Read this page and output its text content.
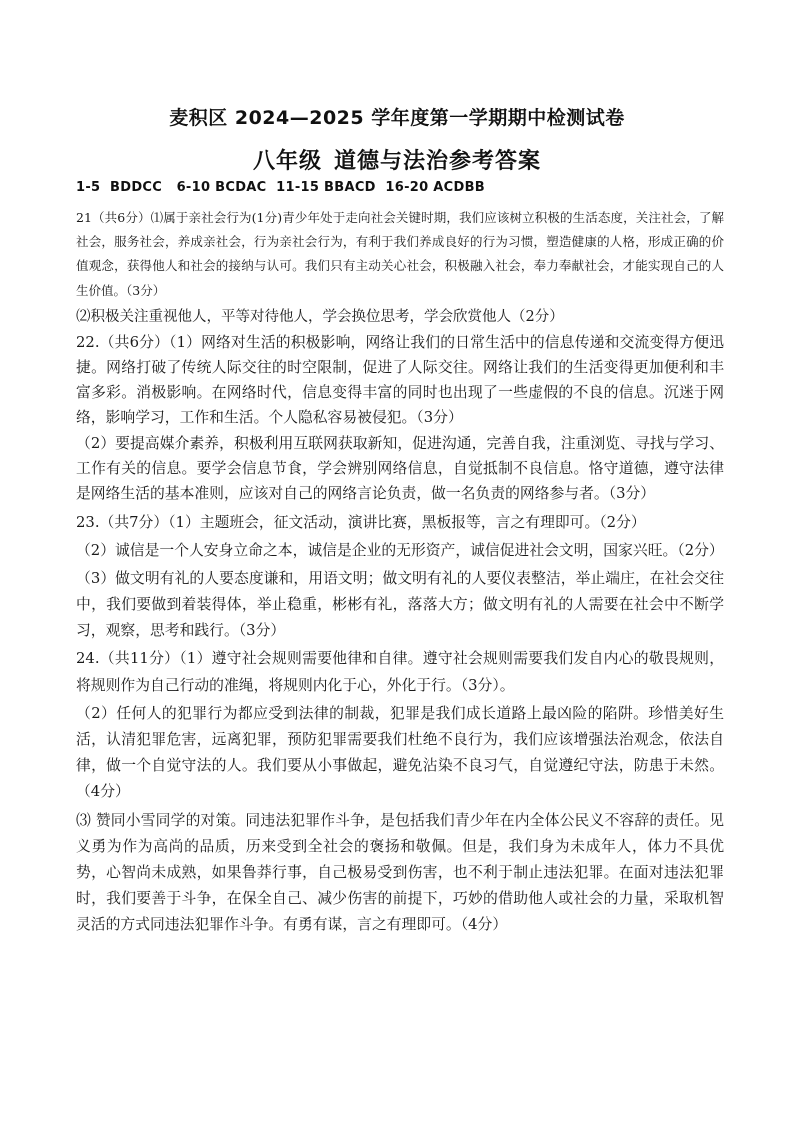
麦积区 2024—2025 学年度第一学期期中检测试卷
八年级 道德与法治参考答案
1-5  BDDCC   6-10 BCDAC  11-15 BBACD  16-20 ACDBB

21（共6分）⑴属于亲社会行为(1分)青少年处于走向社会关键时期，我们应该树立积极的生活态度，关注社会，了解社会，服务社会，养成亲社会，行为亲社会行为，有利于我们养成良好的行为习惯，塑造健康的人格，形成正确的价值观念，获得他人和社会的接纳与认可。我们只有主动关心社会，积极融入社会，奉力奉献社会，才能实现自己的人生价值。（3分）

⑵积极关注重视他人，平等对待他人，学会换位思考，学会欣赏他人（2分）

22.（共6分）（1）网络对生活的积极影响，网络让我们的日常生活中的信息传递和交流变得方便迅捷。网络打破了传统人际交往的时空限制，促进了人际交往。网络让我们的生活变得更加便利和丰富多彩。消极影响。在网络时代，信息变得丰富的同时也出现了一些虚假的不良的信息。沉迷于网络，影响学习，工作和生活。个人隐私容易被侵犯。（3分）

（2）要提高媒介素养，积极利用互联网获取新知，促进沟通，完善自我，注重浏览、寻找与学习、工作有关的信息。要学会信息节食，学会辨别网络信息，自觉抵制不良信息。恪守道德，遵守法律是网络生活的基本准则，应该对自己的网络言论负责，做一名负责的网络参与者。（3分）

23.（共7分）（1）主题班会，征文活动，演讲比赛，黑板报等，言之有理即可。（2分）

（2）诚信是一个人安身立命之本，诚信是企业的无形资产，诚信促进社会文明，国家兴旺。（2分）

（3）做文明有礼的人要态度谦和，用语文明；做文明有礼的人要仪表整洁，举止端庄，在社会交往中，我们要做到着装得体，举止稳重，彬彬有礼，落落大方；做文明有礼的人需要在社会中不断学习，观察，思考和践行。（3分）

24.（共11分）（1）遵守社会规则需要他律和自律。遵守社会规则需要我们发自内心的敬畏规则，将规则作为自己行动的准绳，将规则内化于心，外化于行。（3分）。

（2）任何人的犯罪行为都应受到法律的制裁，犯罪是我们成长道路上最凶险的陷阱。珍惜美好生活，认清犯罪危害，远离犯罪，预防犯罪需要我们杜绝不良行为，我们应该增强法治观念，依法自律，做一个自觉守法的人。我们要从小事做起，避免沾染不良习气，自觉遵纪守法，防患于未然。（4分）

⑶ 赞同小雪同学的对策。同违法犯罪作斗争，是包括我们青少年在内全体公民义不容辞的责任。见义勇为作为高尚的品质，历来受到全社会的褒扬和敬佩。但是，我们身为未成年人，体力不具优势，心智尚未成熟，如果鲁莽行事，自己极易受到伤害，也不利于制止违法犯罪。在面对违法犯罪时，我们要善于斗争，在保全自己、减少伤害的前提下，巧妙的借助他人或社会的力量，采取机智灵活的方式同违法犯罪作斗争。有勇有谋，言之有理即可。（4分）
